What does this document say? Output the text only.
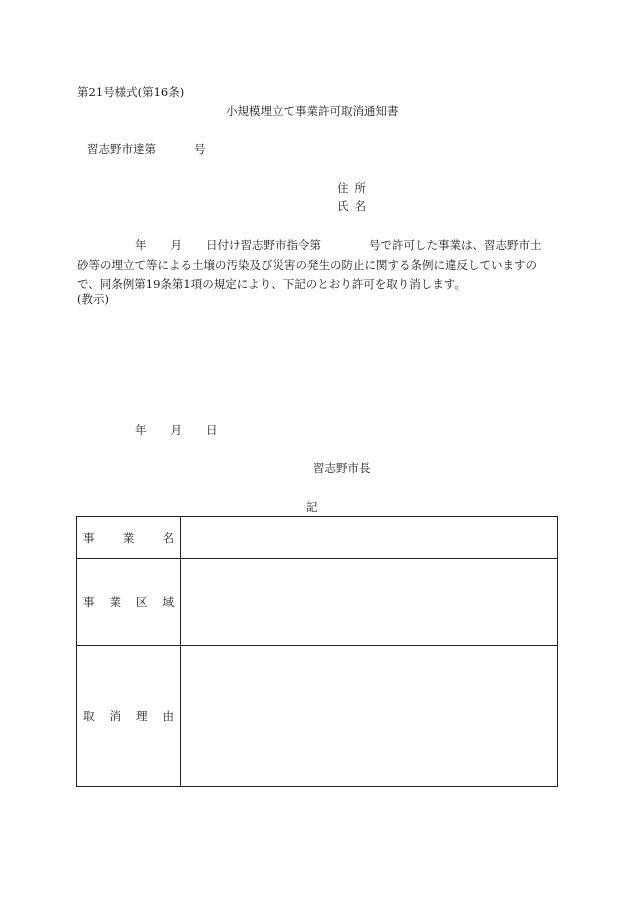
第21号様式(第16条)
小規模埋立て事業許可取消通知書
習志野市達第	号
住所
氏名
年 月 日付け習志野市指令第	号で許可した事業は、習志野市土
砂等の埋立て等による土壌の汚染及び災害の発生の防止に関する条例に違反していますの
で、同条例第19条第1項の規定により、下記のとおり許可を取り消します。
(教示)
年 月 日
習志野市長
記
事 業 名	

事 業 区 域	

取 消 理 由	
